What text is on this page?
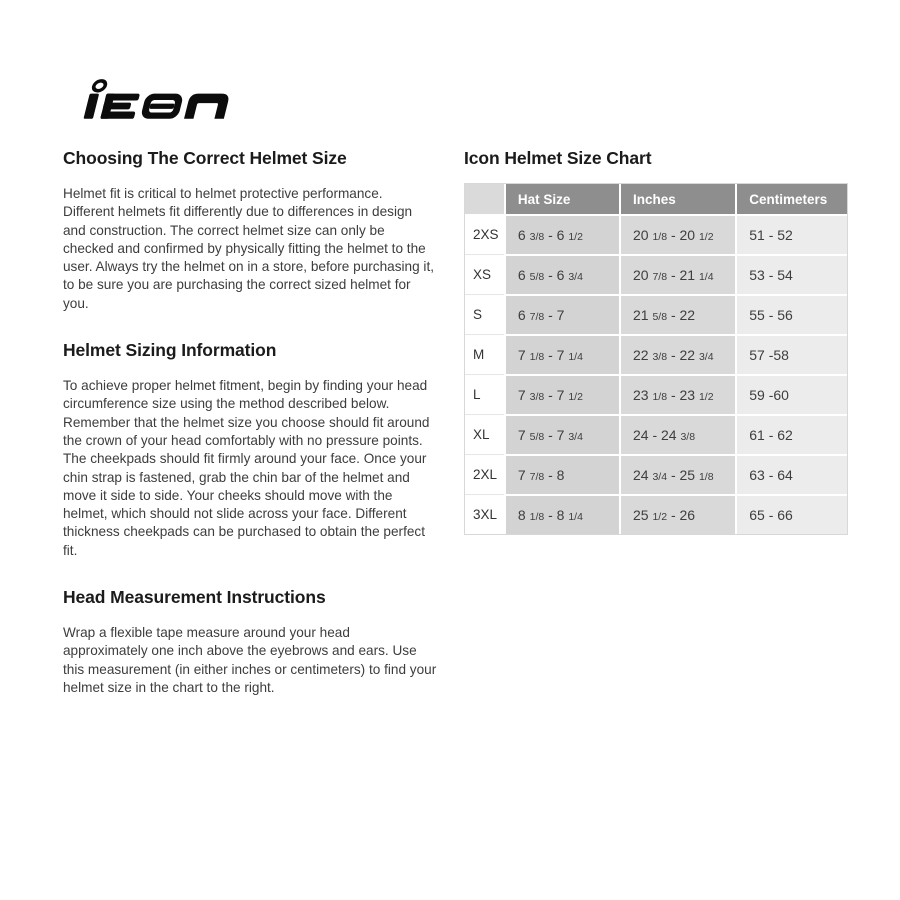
Choosing The Correct Helmet Size

Helmet fit is critical to helmet protective performance. Different helmets fit differently due to differences in design and construction. The correct helmet size can only be checked and confirmed by physically fitting the helmet to the user. Always try the helmet on in a store, before purchasing it, to be sure you are purchasing the correct sized helmet for you.

Helmet Sizing Information

To achieve proper helmet fitment, begin by finding your head circumference size using the method described below. Remember that the helmet size you choose should fit around the crown of your head comfortably with no pressure points. The cheekpads should fit firmly around your face. Once your chin strap is fastened, grab the chin bar of the helmet and move it side to side. Your cheeks should move with the helmet, which should not slide across your face. Different thickness cheekpads can be purchased to obtain the perfect fit.

Head Measurement Instructions

Wrap a flexible tape measure around your head approximately one inch above the eyebrows and ears. Use this measurement (in either inches or centimeters) to find your helmet size in the chart to the right.

Icon Helmet Size Chart
	Hat Size	Inches	Centimeters
2XS	6 3/8 - 6 1/2	20 1/8 - 20 1/2	51 - 52
XS	6 5/8 - 6 3/4	20 7/8 - 21 1/4	53 - 54
S	6 7/8 - 7	21 5/8 - 22	55 - 56
M	7 1/8 - 7 1/4	22 3/8 - 22 3/4	57 -58
L	7 3/8 - 7 1/2	23 1/8 - 23 1/2	59 -60
XL	7 5/8 - 7 3/4	24 - 24 3/8	61 - 62
2XL	7 7/8 - 8	24 3/4 - 25 1/8	63 - 64
3XL	8 1/8 - 8 1/4	25 1/2 - 26	65 - 66
